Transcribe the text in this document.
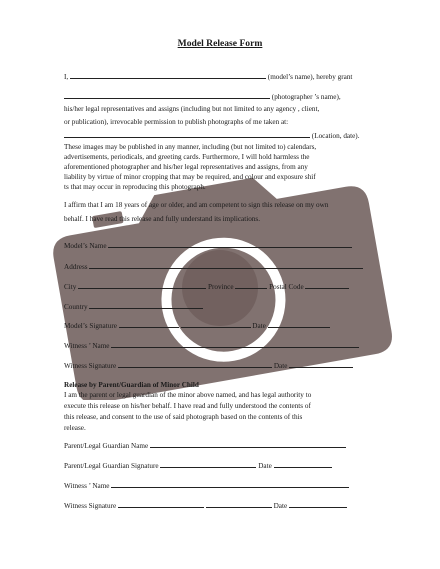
Model Release Form
I,	(model’s name), hereby grant
(photographer ’s name),
his/her legal representatives and assigns (including but not limited to any agency , client,
or publication), irrevocable permission to publish photographs of me taken at:
(Location, date).
These images may be published in any manner, including (but not limited to) calendars,
advertisements, periodicals, and greeting cards. Furthermore, I will hold harmless the
aforementioned photographer and his/her legal representatives and assigns, from any
liability by virtue of minor cropping that may be required, and colour and exposure shif
ts that may occur in reproducing this photograph.
I affirm that I am 18 years of age or older, and am competent to sign this release on my own
behalf. I have read this release and fully understand its implications.
Model’s Name
Address
City	Province	Postal Code
Country
Model’s Signature	Date
Witness ’ Name
Witness Signature	Date
Release by Parent/Guardian of Minor Child
I am the parent or legal guardian of the minor above named, and has legal authority to
execute this release on his/her behalf. I have read and fully understood the contents of
this release, and consent to the use of said photograph based on the contents of this
release.
Parent/Legal Guardian Name
Parent/Legal Guardian Signature	Date
Witness ’ Name
Witness Signature	Date
